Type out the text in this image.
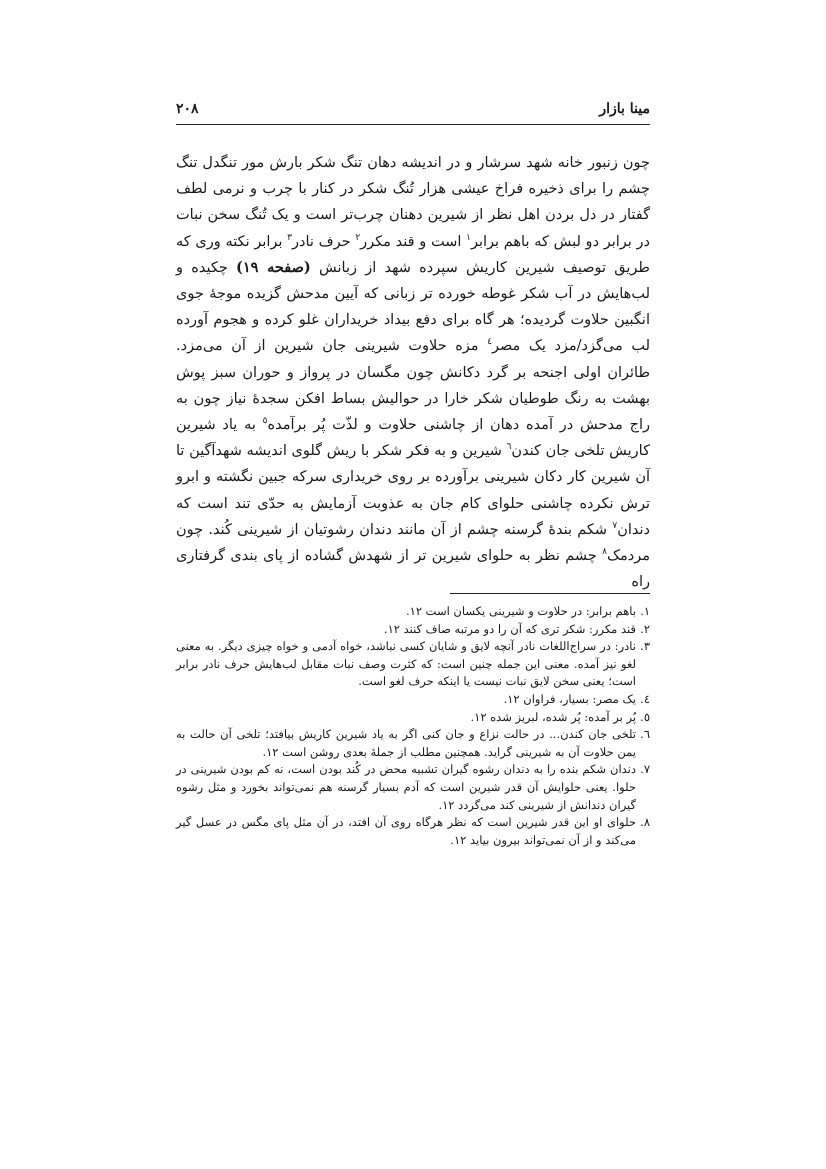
مینا بازار
۲۰۸

چون زنبور خانه شهد سرشار و در اندیشه دهان تنگ شکر بارش مور تنگدل تنگ چشم را برای ذخیره فراخ عیشی هزار تُنگ شکر در کنار با چرب و نرمی لطف گفتار در دل بردن اهل نظر از شیرین دهنان چرب‌تر است و یک تُنگ سخن نبات در برابر دو لبش که باهم برابر$^۱$ است و قند مکرر$^۲$ حرف نادر$^۳$ برابر نکته وری که طریق توصیف شیرین کاریش سپرده شهد از زبانش (صفحه ۱۹) چکیده و لب‌هایش در آب شکر غوطه خورده تر زبانی که آیین مدحش گزیده موجهٔ جوی انگبین حلاوت گردیده؛ هر گاه برای دفع بیداد خریداران غلو کرده و هجوم آورده لب می‌گزد/مزد یک مصر$^٤$ مزه حلاوت شیرینی جان شیرین از آن می‌مزد. طائران اولی اجنحه بر گرد دکانش چون مگسان در پرواز و حوران سبز پوش بهشت به رنگ طوطیان شکر خارا در حوالیش بساط افکن سجدهٔ نیاز چون به راج مدحش در آمده دهان از چاشنی حلاوت و لذّت پُر برآمده$^٥$ به یاد شیرین کاریش تلخی جان کندن$^٦$ شیرین و به فکر شکر با ریش گلوی اندیشه شهدآگین تا آن شیرین کار دکان شیرینی برآورده بر روی خریداری سرکه جبین نگشته و ابرو ترش نکرده چاشنی حلوای کام جان به عذوبت آزمایش به حدّی تند است که دندان$^۷$ شکم بندهٔ گرسنه چشم از آن مانند دندان رشوتیان از شیرینی کُند. چون مردمک$^۸$ چشم نظر به حلوای شیرین تر از شهدش گشاده از پای بندی گرفتاری راه

۱.
باهم برابر: در حلاوت و شیرینی یکسان است ۱۲.
۲.
قند مکرر: شکر تری که آن را دو مرتبه صاف کنند ۱۲.
۳.
نادر: در سراج‌اللغات نادر آنچه لایق و شایان کسی نباشد، خواه آدمی و خواه چیزی دیگر. به معنی لغو نیز آمده. معنی این جمله چنین است: که کثرت وصف نبات مقابل لب‌هایش حرف نادر برابر است؛ یعنی سخن لایق نبات نیست یا اینکه حرف لغو است.
٤.
یک مصر: بسیار، فراوان ۱۲.
٥.
پُر بر آمده: پُر شده، لبریز شده ۱۲.
٦.
تلخی جان کندن... در حالت نزاع و جان کنی اگر به یاد شیرین کاریش بیافتد؛ تلخی آن حالت به یمن حلاوت آن به شیرینی گراید. همچنین مطلب از جملهٔ بعدی روشن است ۱۲.
۷.
دندان شکم بنده را به دندان رشوه گیران تشبیه محض در کُند بودن است، نه کم بودن شیرینی در حلوا. یعنی حلوایش آن قدر شیرین است که آدم بسیار گرسنه هم نمی‌تواند بخورد و مثل رشوه گیران دندانش از شیرینی کند می‌گردد ۱۲.
۸.
حلوای او این قدر شیرین است که نظر هرگاه روی آن افتد، در آن مثل پای مگس در عسل گیر می‌کند و از آن نمی‌تواند بیرون بیاید ۱۲.
